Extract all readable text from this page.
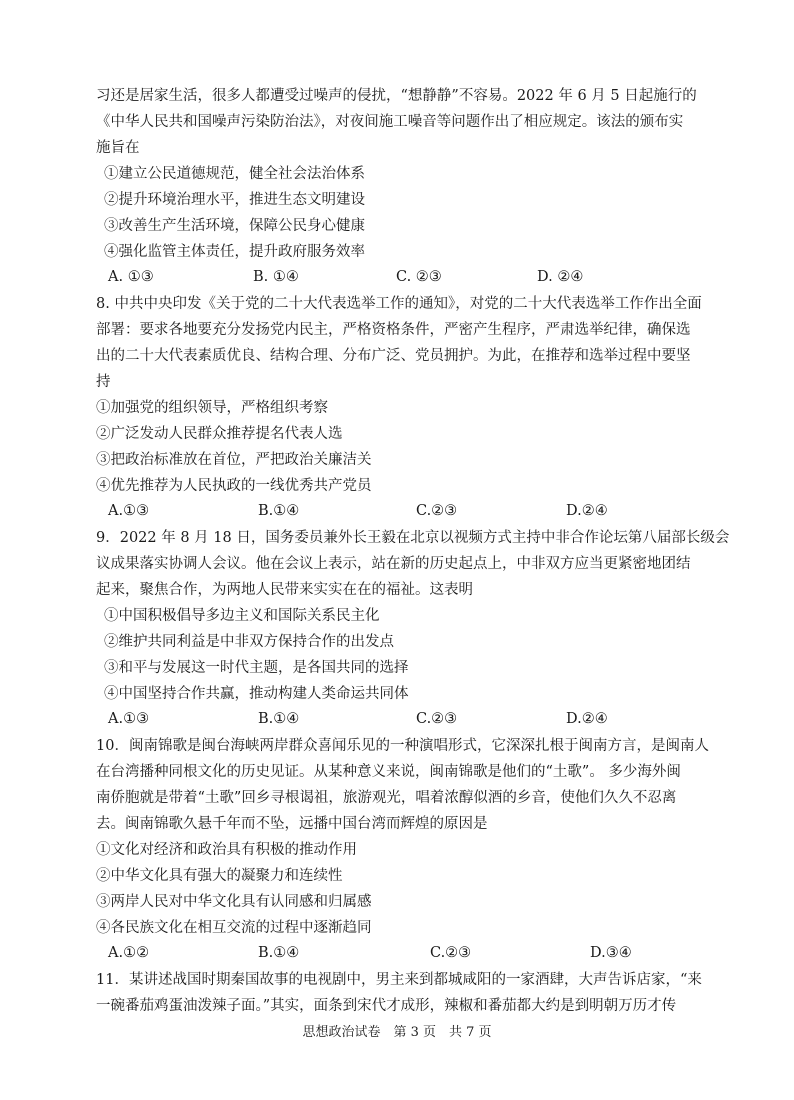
习还是居家生活，很多人都遭受过噪声的侵扰，“想静静”不容易。2022 年 6 月 5 日起施行的
《中华人民共和国噪声污染防治法》，对夜间施工噪音等问题作出了相应规定。该法的颁布实
施旨在
①建立公民道德规范，健全社会法治体系
②提升环境治理水平，推进生态文明建设
③改善生产生活环境，保障公民身心健康
④强化监管主体责任，提升政府服务效率
A. ①③	B. ①④	C. ②③	D. ②④
8. 中共中央印发《关于党的二十大代表选举工作的通知》，对党的二十大代表选举工作作出全面
部署：要求各地要充分发扬党内民主，严格资格条件，严密产生程序，严肃选举纪律，确保选
出的二十大代表素质优良、结构合理、分布广泛、党员拥护。为此，在推荐和选举过程中要坚
持
①加强党的组织领导，严格组织考察
②广泛发动人民群众推荐提名代表人选
③把政治标准放在首位，严把政治关廉洁关
④优先推荐为人民执政的一线优秀共产党员
A.①③	B.①④	C.②③	D.②④
9．2022 年 8 月 18 日，国务委员兼外长王毅在北京以视频方式主持中非合作论坛第八届部长级会
议成果落实协调人会议。他在会议上表示，站在新的历史起点上，中非双方应当更紧密地团结
起来，聚焦合作，为两地人民带来实实在在的福祉。这表明
①中国积极倡导多边主义和国际关系民主化
②维护共同利益是中非双方保持合作的出发点
③和平与发展这一时代主题，是各国共同的选择
④中国坚持合作共赢，推动构建人类命运共同体
A.①③	B.①④	C.②③	D.②④
10．闽南锦歌是闽台海峡两岸群众喜闻乐见的一种演唱形式，它深深扎根于闽南方言，是闽南人
在台湾播种同根文化的历史见证。从某种意义来说，闽南锦歌是他们的“土歌”。 多少海外闽
南侨胞就是带着“土歌”回乡寻根谒祖，旅游观光，唱着浓醇似酒的乡音，使他们久久不忍离
去。闽南锦歌久悬千年而不坠，远播中国台湾而辉煌的原因是
①文化对经济和政治具有积极的推动作用
②中华文化具有强大的凝聚力和连续性
③两岸人民对中华文化具有认同感和归属感
④各民族文化在相互交流的过程中逐渐趋同
A.①②	B.①④	C.②③	D.③④
11．某讲述战国时期秦国故事的电视剧中，男主来到都城咸阳的一家酒肆，大声告诉店家，“来
一碗番茄鸡蛋油泼辣子面。”其实，面条到宋代才成形，辣椒和番茄都大约是到明朝万历才传
思想政治试卷　第 3 页　共 7 页
